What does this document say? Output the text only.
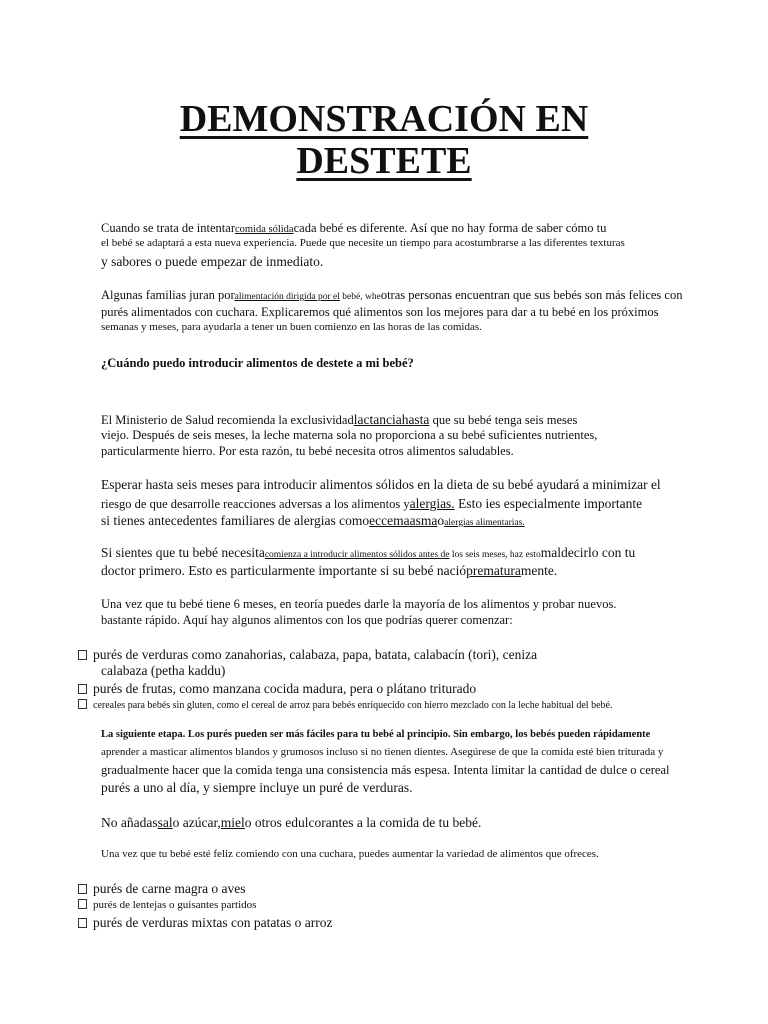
DEMONSTRACIÓN EN
DESTETE
Cuando se trata de intentarcomida sólidacada bebé es diferente. Así que no hay forma de saber cómo tu
el bebé se adaptará a esta nueva experiencia. Puede que necesite un tiempo para acostumbrarse a las diferentes texturas
y sabores o puede empezar de inmediato.
Algunas familias juran poralimentación dirigida por el bebé, wheotras personas encuentran que sus bebés son más felices con
purés alimentados con cuchara. Explicaremos qué alimentos son los mejores para dar a tu bebé en los próximos
semanas y meses, para ayudarla a tener un buen comienzo en las horas de las comidas.
¿Cuándo puedo introducir alimentos de destete a mi bebé?
El Ministerio de Salud recomienda la exclusividadlactanciahasta que su bebé tenga seis meses
viejo. Después de seis meses, la leche materna sola no proporciona a su bebé suficientes nutrientes,
particularmente hierro. Por esta razón, tu bebé necesita otros alimentos saludables.
Esperar hasta seis meses para introducir alimentos sólidos en la dieta de su bebé ayudará a minimizar el
riesgo de que desarrolle reacciones adversas a los alimentos yalergias. Esto ies especialmente importante
si tienes antecedentes familiares de alergias comoeccemaasmaoalergias alimentarias.
Si sientes que tu bebé necesitacomienza a introducir alimentos sólidos antes de los seis meses, haz estomaldecirlo con tu
doctor primero. Esto es particularmente importante si su bebé nacióprematuramente.
Una vez que tu bebé tiene 6 meses, en teoría puedes darle la mayoría de los alimentos y probar nuevos.
bastante rápido. Aquí hay algunos alimentos con los que podrías querer comenzar:
purés de verduras como zanahorias, calabaza, papa, batata, calabacín (tori), ceniza
calabaza (petha kaddu)
purés de frutas, como manzana cocida madura, pera o plátano triturado
cereales para bebés sin gluten, como el cereal de arroz para bebés enriquecido con hierro mezclado con la leche habitual del bebé.
La siguiente etapa. Los purés pueden ser más fáciles para tu bebé al principio. Sin embargo, los bebés pueden rápidamente
aprender a masticar alimentos blandos y grumosos incluso si no tienen dientes. Asegúrese de que la comida esté bien triturada y
gradualmente hacer que la comida tenga una consistencia más espesa. Intenta limitar la cantidad de dulce o cereal
purés a uno al día, y siempre incluye un puré de verduras.
No añadassalo azúcar,mielo otros edulcorantes a la comida de tu bebé.
Una vez que tu bebé esté feliz comiendo con una cuchara, puedes aumentar la variedad de alimentos que ofreces.
purés de carne magra o aves
purés de lentejas o guisantes partidos
purés de verduras mixtas con patatas o arroz
